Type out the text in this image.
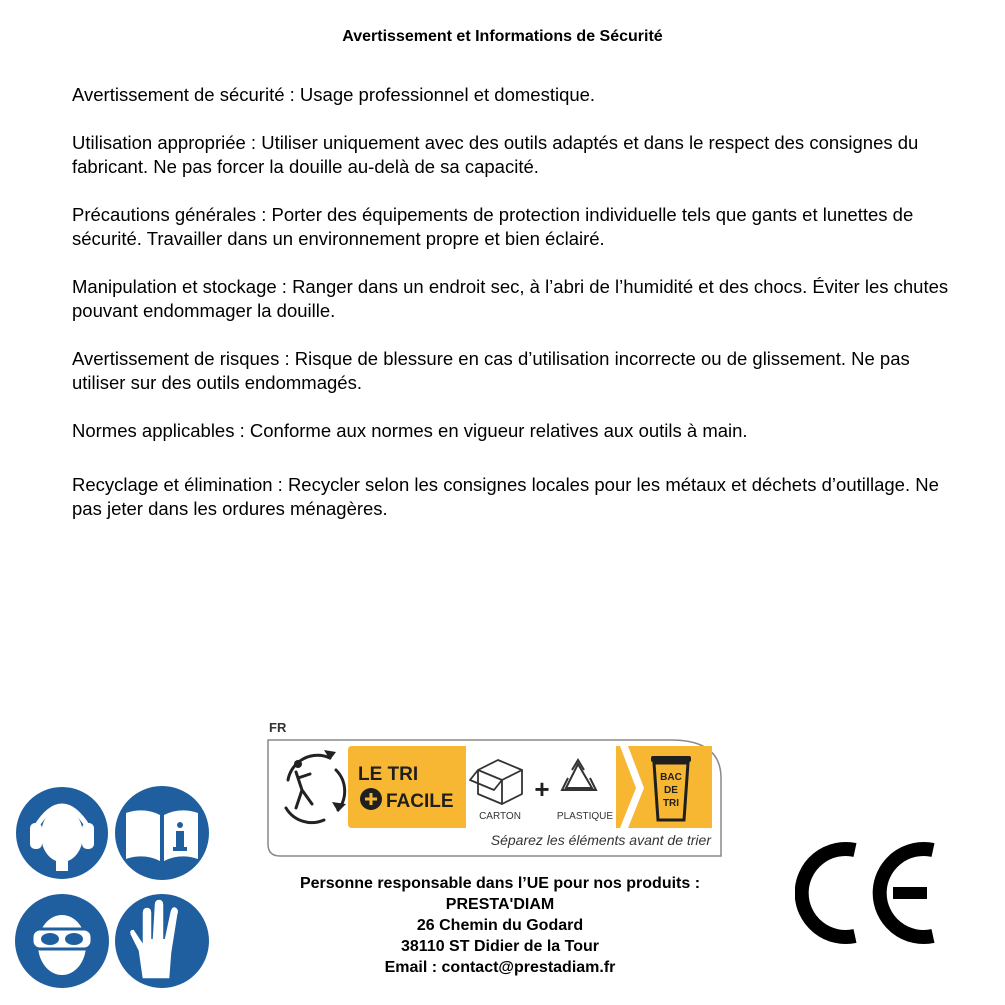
Avertissement et Informations de Sécurité

Avertissement de sécurité : Usage professionnel et domestique.

Utilisation appropriée : Utiliser uniquement avec des outils adaptés et dans le respect des consignes du fabricant. Ne pas forcer la douille au-delà de sa capacité.

Précautions générales : Porter des équipements de protection individuelle tels que gants et lunettes de sécurité. Travailler dans un environnement propre et bien éclairé.

Manipulation et stockage : Ranger dans un endroit sec, à l’abri de l’humidité et des chocs. Éviter les chutes pouvant endommager la douille.

Avertissement de risques : Risque de blessure en cas d’utilisation incorrecte ou de glissement. Ne pas utiliser sur des outils endommagés.

Normes applicables : Conforme aux normes en vigueur relatives aux outils à main.

Recyclage et élimination : Recycler selon les consignes locales pour les métaux et déchets d’outillage. Ne pas jeter dans les ordures ménagères.

FR
LE TRI
FACILE
CARTON
+
PLASTIQUE
BAC
DE
TRI
Séparez les éléments avant de trier
Personne responsable dans l’UE pour nos produits :
PRESTA'DIAM
26 Chemin du Godard
38110 ST Didier de la Tour
Email : contact@prestadiam.fr
